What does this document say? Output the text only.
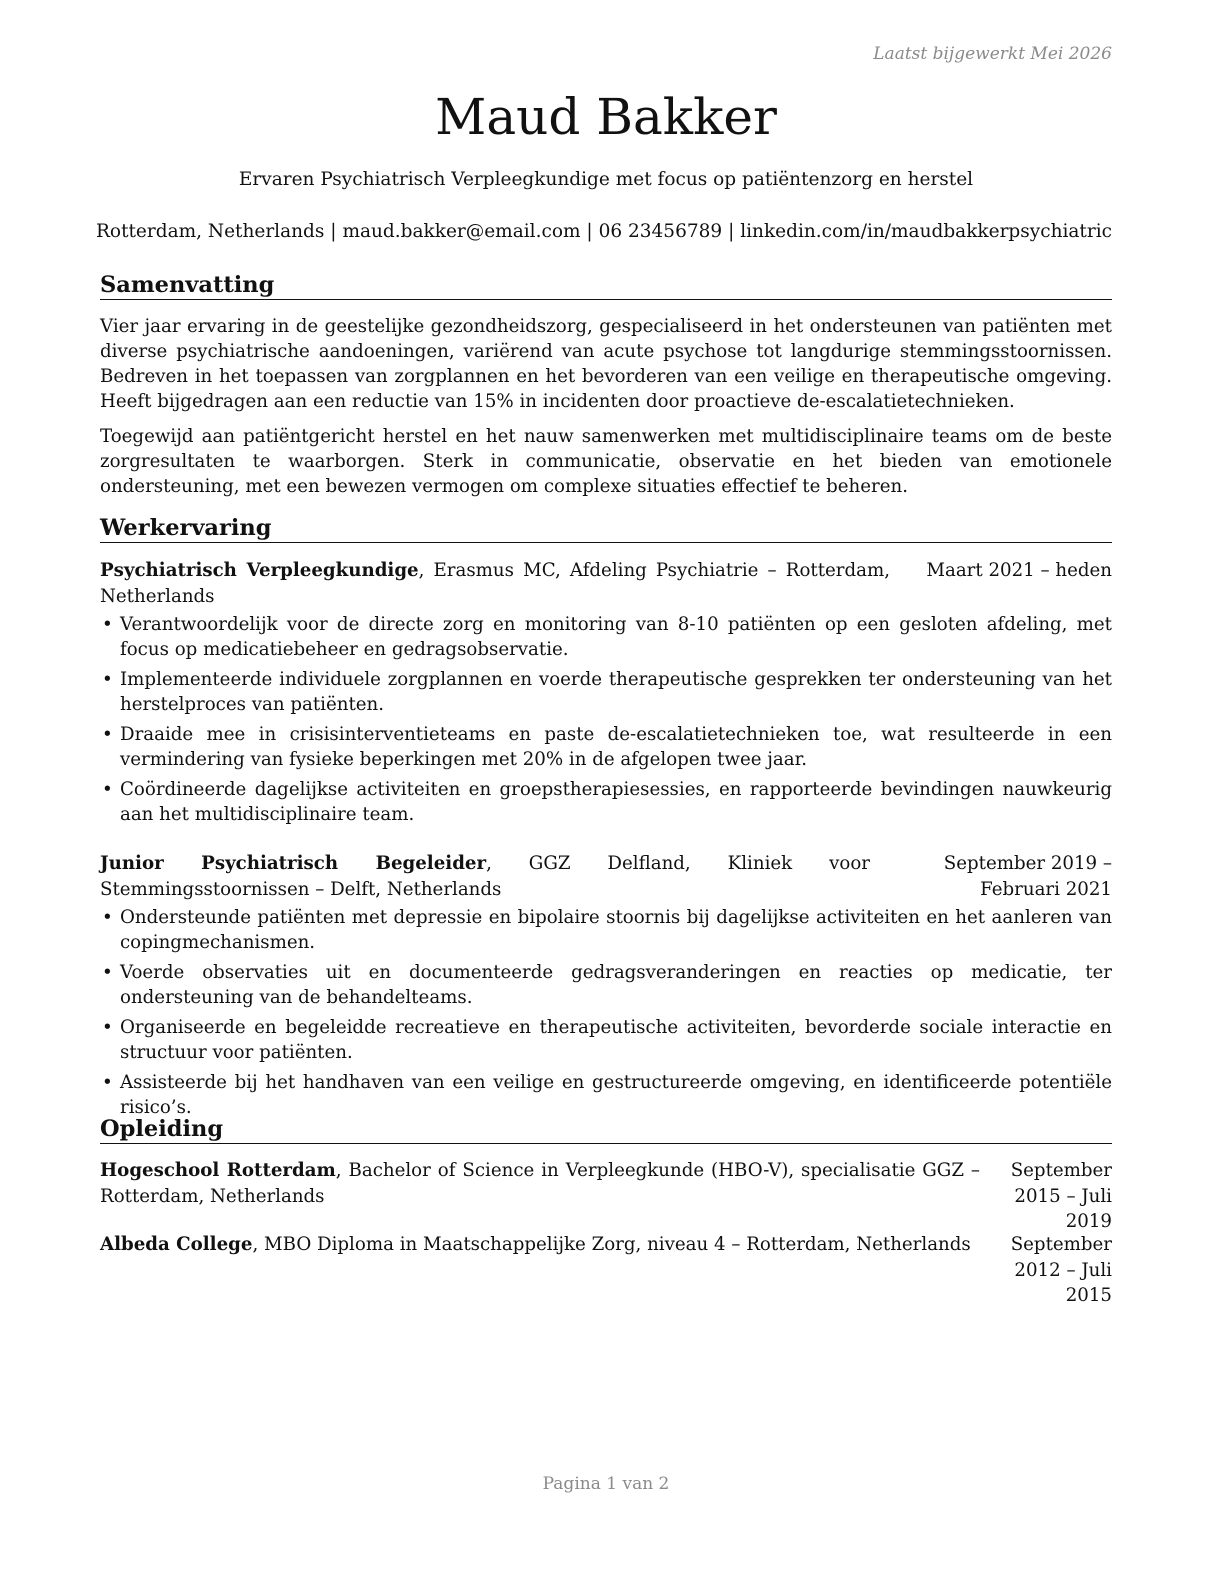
Laatst bijgewerkt Mei 2026
Maud Bakker
Ervaren Psychiatrisch Verpleegkundige met focus op patiëntenzorg en herstel
Rotterdam, Netherlands | maud.bakker@email.com | 06 23456789 | linkedin.com/in/maudbakkerpsychiatric
Samenvatting

Vier jaar ervaring in de geestelijke gezondheidszorg, gespecialiseerd in het ondersteunen van patiënten met diverse psychiatrische aandoeningen, variërend van acute psychose tot langdurige stemmingsstoornissen. Bedreven in het toepassen van zorgplannen en het bevorderen van een veilige en therapeutische omgeving. Heeft bijgedragen aan een reductie van 15% in incidenten door proactieve de-escalatietechnieken.

Toegewijd aan patiëntgericht herstel en het nauw samenwerken met multidisciplinaire teams om de beste zorgresultaten te waarborgen. Sterk in communicatie, observatie en het bieden van emotionele ondersteuning, met een bewezen vermogen om complexe situaties effectief te beheren.

Werkervaring
Psychiatrisch Verpleegkundige, Erasmus MC, Afdeling Psychiatrie – Rotterdam, Netherlands
Maart 2021 – heden
• Verantwoordelijk voor de directe zorg en monitoring van 8-10 patiënten op een gesloten afdeling, met focus op medicatiebeheer en gedragsobservatie.
• Implementeerde individuele zorgplannen en voerde therapeutische gesprekken ter ondersteuning van het herstelproces van patiënten.
• Draaide mee in crisisinterventieteams en paste de-escalatietechnieken toe, wat resulteerde in een vermindering van fysieke beperkingen met 20% in de afgelopen twee jaar.
• Coördineerde dagelijkse activiteiten en groepstherapiesessies, en rapporteerde bevindingen nauwkeurig aan het multidisciplinaire team.
Junior Psychiatrisch Begeleider, GGZ Delfland, Kliniek voor Stemmingsstoornissen – Delft, Netherlands
September 2019 – Februari 2021
• Ondersteunde patiënten met depressie en bipolaire stoornis bij dagelijkse activiteiten en het aanleren van copingmechanismen.
• Voerde observaties uit en documenteerde gedragsveranderingen en reacties op medicatie, ter ondersteuning van de behandelteams.
• Organiseerde en begeleidde recreatieve en therapeutische activiteiten, bevorderde sociale interactie en structuur voor patiënten.
• Assisteerde bij het handhaven van een veilige en gestructureerde omgeving, en identificeerde potentiële risico’s.
Opleiding
Hogeschool Rotterdam, Bachelor of Science in Verpleegkunde (HBO-V), specialisatie GGZ – Rotterdam, Netherlands
September 2015 – Juli 2019
Albeda College, MBO Diploma in Maatschappelijke Zorg, niveau 4 – Rotterdam, Netherlands	September 2012 – Juli 2015
Pagina 1 van 2
